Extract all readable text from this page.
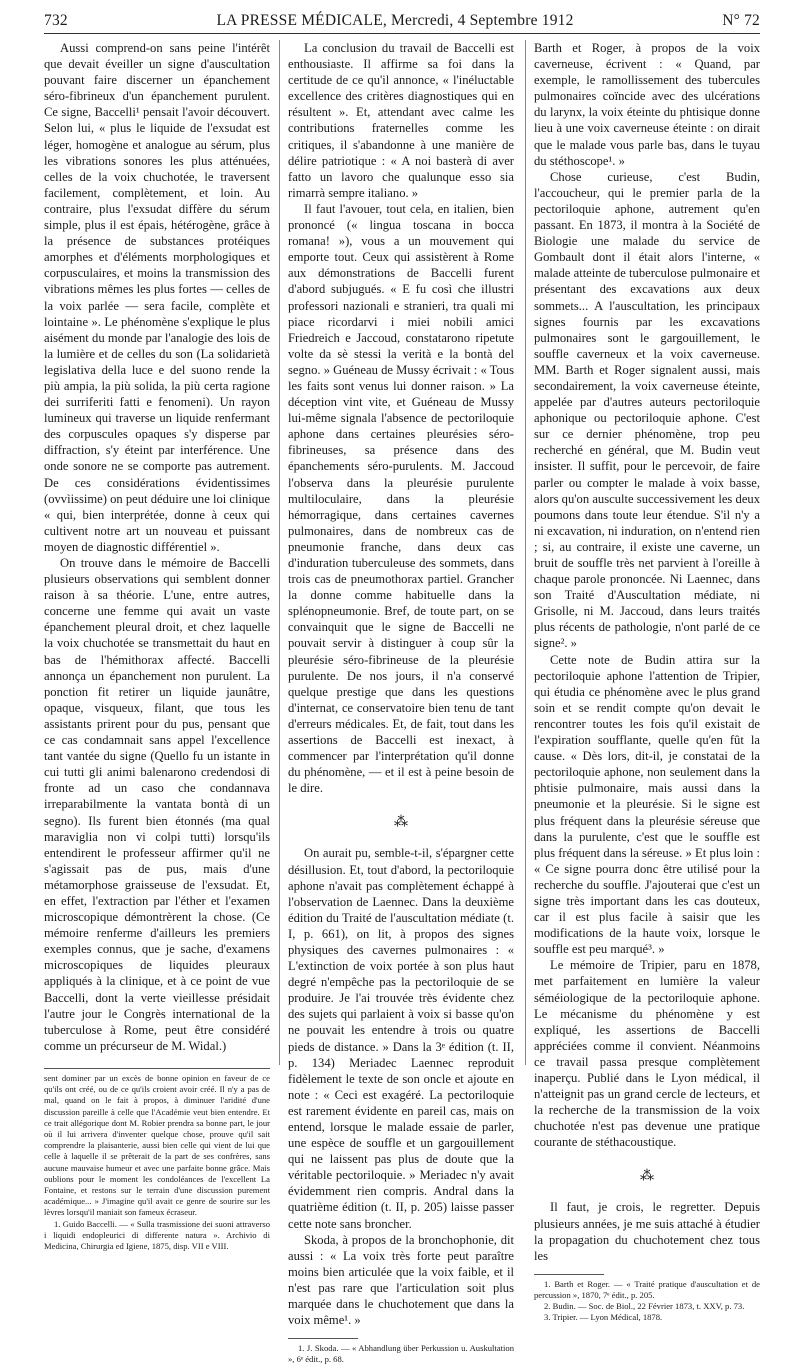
732	LA PRESSE MÉDICALE, Mercredi, 4 Septembre 1912	N° 72

Aussi comprend-on sans peine l'intérêt que devait éveiller un signe d'auscultation pouvant faire discerner un épanchement séro-fibrineux d'un épanchement purulent. Ce signe, Baccelli¹ pensait l'avoir découvert. Selon lui, « plus le liquide de l'exsudat est léger, homogène et analogue au sérum, plus les vibrations sonores les plus atténuées, celles de la voix chuchotée, le traversent facilement, complètement, et loin. Au contraire, plus l'exsudat diffère du sérum simple, plus il est épais, hétérogène, grâce à la présence de substances protéiques amorphes et d'éléments morphologiques et corpusculaires, et moins la transmission des vibrations mêmes les plus fortes — celles de la voix parlée — sera facile, complète et lointaine ». Le phénomène s'explique le plus aisément du monde par l'analogie des lois de la lumière et de celles du son (La solidarietà legislativa della luce e del suono rende la più ampia, la più solida, la più certa ragione dei surriferiti fatti e fenomeni). Un rayon lumineux qui traverse un liquide renfermant des corpuscules opaques s'y disperse par diffraction, s'y éteint par interférence. Une onde sonore ne se comporte pas autrement. De ces considérations évidentissimes (ovvìissime) on peut déduire une loi clinique « qui, bien interprétée, donne à ceux qui cultivent notre art un nouveau et puissant moyen de diagnostic différentiel ».

On trouve dans le mémoire de Baccelli plusieurs observations qui semblent donner raison à sa théorie. L'une, entre autres, concerne une femme qui avait un vaste épanchement pleural droit, et chez laquelle la voix chuchotée se transmettait du haut en bas de l'hémithorax affecté. Baccelli annonça un épanchement non purulent. La ponction fit retirer un liquide jaunâtre, opaque, visqueux, filant, que tous les assistants prirent pour du pus, pensant que ce cas condamnait sans appel l'excellence tant vantée du signe (Quello fu un istante in cui tutti gli animi balenarono credendosi di fronte ad un caso che condannava irreparabilmente la vantata bontà di un segno). Ils furent bien étonnés (ma qual maraviglia non vi colpi tutti) lorsqu'ils entendirent le professeur affirmer qu'il ne s'agissait pas de pus, mais d'une métamorphose graisseuse de l'exsudat. Et, en effet, l'extraction par l'éther et l'examen microscopique démontrèrent la chose. (Ce mémoire renferme d'ailleurs les premiers exemples connus, que je sache, d'examens microscopiques de liquides pleuraux appliqués à la clinique, et à ce point de vue Baccelli, dont la verte vieillesse présidait l'autre jour le Congrès international de la tuberculose à Rome, peut être considéré comme un précurseur de M. Widal.)

sent dominer par un excès de bonne opinion en faveur de ce qu'ils ont créé, ou de ce qu'ils croient avoir créé. Il n'y a pas de mal, quand on le fait à propos, à diminuer l'aridité d'une discussion pareille à celle que l'Académie veut bien entendre. Et ce trait allégorique dont M. Robier prendra sa bonne part, le jour où il lui arrivera d'inventer quelque chose, prouve qu'il sait comprendre la plaisanterie, aussi bien celle qui vient de lui que celle à laquelle il se prêterait de la part de ses confrères, sans aucune mauvaise humeur et avec une parfaite bonne grâce. Mais oublions pour le moment les condoléances de l'excellent La Fontaine, et restons sur le terrain d'une discussion purement académique... » J'imagine qu'il avait ce genre de sourire sur les lèvres lorsqu'il maniait son fameux écraseur.

1. Guido Baccelli. — « Sulla trasmissione dei suoni attraverso i liquidi endopleurici di differente natura ». Archivio di Medicina, Chirurgia ed Igiene, 1875, disp. VII e VIII.

La conclusion du travail de Baccelli est enthousiaste. Il affirme sa foi dans la certitude de ce qu'il annonce, « l'inéluctable excellence des critères diagnostiques qui en résultent ». Et, attendant avec calme les contributions fraternelles comme les critiques, il s'abandonne à une manière de délire patriotique : « A noi basterà di aver fatto un lavoro che qualunque esso sia rimarrà sempre italiano. »

Il faut l'avouer, tout cela, en italien, bien prononcé (« lingua toscana in bocca romana! »), vous a un mouvement qui emporte tout. Ceux qui assistèrent à Rome aux démonstrations de Baccelli furent d'abord subjugués. « E fu così che illustri professori nazionali e stranieri, tra quali mi piace ricordarvi i miei nobili amici Friedreich e Jaccoud, constatarono ripetute volte da sè stessi la verità e la bontà del segno. » Guéneau de Mussy écrivait : « Tous les faits sont venus lui donner raison. » La déception vint vite, et Guéneau de Mussy lui-même signala l'absence de pectoriloquie aphone dans certaines pleurésies séro-fibrineuses, sa présence dans des épanchements séro-purulents. M. Jaccoud l'observa dans la pleurésie purulente multiloculaire, dans la pleurésie hémorragique, dans certaines cavernes pulmonaires, dans de nombreux cas de pneumonie franche, dans deux cas d'induration tuberculeuse des sommets, dans trois cas de pneumothorax partiel. Grancher la donne comme habituelle dans la splénopneumonie. Bref, de toute part, on se convainquit que le signe de Baccelli ne pouvait servir à distinguer à coup sûr la pleurésie séro-fibrineuse de la pleurésie purulente. De nos jours, il n'a conservé quelque prestige que dans les questions d'internat, ce conservatoire bien tenu de tant d'erreurs médicales. Et, de fait, tout dans les assertions de Baccelli est inexact, à commencer par l'interprétation qu'il donne du phénomène, — et il est à peine besoin de le dire.

⁂

On aurait pu, semble-t-il, s'épargner cette désillusion. Et, tout d'abord, la pectoriloquie aphone n'avait pas complètement échappé à l'observation de Laennec. Dans la deuxième édition du Traité de l'auscultation médiate (t. I, p. 661), on lit, à propos des signes physiques des cavernes pulmonaires : « L'extinction de voix portée à son plus haut degré n'empêche pas la pectoriloquie de se produire. Je l'ai trouvée très évidente chez des sujets qui parlaient à voix si basse qu'on ne pouvait les entendre à trois ou quatre pieds de distance. » Dans la 3ᵉ édition (t. II, p. 134) Meriadec Laennec reproduit fidèlement le texte de son oncle et ajoute en note : « Ceci est exagéré. La pectoriloquie est rarement évidente en pareil cas, mais on entend, lorsque le malade essaie de parler, une espèce de souffle et un gargouillement qui ne laissent pas plus de doute que la véritable pectoriloquie. » Meriadec n'y avait évidemment rien compris. Andral dans la quatrième édition (t. II, p. 205) laisse passer cette note sans broncher.

Skoda, à propos de la bronchophonie, dit aussi : « La voix très forte peut paraître moins bien articulée que la voix faible, et il n'est pas rare que l'articulation soit plus marquée dans le chuchotement que dans la voix même¹. »

1. J. Skoda. — « Abhandlung über Perkussion u. Auskultation », 6ᵉ édit., p. 68.

Barth et Roger, à propos de la voix caverneuse, écrivent : « Quand, par exemple, le ramollissement des tubercules pulmonaires coïncide avec des ulcérations du larynx, la voix éteinte du phtisique donne lieu à une voix caverneuse éteinte : on dirait que le malade vous parle bas, dans le tuyau du stéthoscope¹. »

Chose curieuse, c'est Budin, l'accoucheur, qui le premier parla de la pectoriloquie aphone, autrement qu'en passant. En 1873, il montra à la Société de Biologie une malade du service de Gombault dont il était alors l'interne, « malade atteinte de tuberculose pulmonaire et présentant des excavations aux deux sommets... A l'auscultation, les principaux signes fournis par les excavations pulmonaires sont le gargouillement, le souffle caverneux et la voix caverneuse. MM. Barth et Roger signalent aussi, mais secondairement, la voix caverneuse éteinte, appelée par d'autres auteurs pectoriloquie aphonique ou pectoriloquie aphone. C'est sur ce dernier phénomène, trop peu recherché en général, que M. Budin veut insister. Il suffit, pour le percevoir, de faire parler ou compter le malade à voix basse, alors qu'on ausculte successivement les deux poumons dans toute leur étendue. S'il n'y a ni excavation, ni induration, on n'entend rien ; si, au contraire, il existe une caverne, un bruit de souffle très net parvient à l'oreille à chaque parole prononcée. Ni Laennec, dans son Traité d'Auscultation médiate, ni Grisolle, ni M. Jaccoud, dans leurs traités plus récents de pathologie, n'ont parlé de ce signe². »

Cette note de Budin attira sur la pectoriloquie aphone l'attention de Tripier, qui étudia ce phénomène avec le plus grand soin et se rendit compte qu'on devait le rencontrer toutes les fois qu'il existait de l'expiration soufflante, quelle qu'en fût la cause. « Dès lors, dit-il, je constatai de la pectoriloquie aphone, non seulement dans la phtisie pulmonaire, mais aussi dans la pneumonie et la pleurésie. Si le signe est plus fréquent dans la pleurésie séreuse que dans la purulente, c'est que le souffle est plus fréquent dans la séreuse. » Et plus loin : « Ce signe pourra donc être utilisé pour la recherche du souffle. J'ajouterai que c'est un signe très important dans les cas douteux, car il est plus facile à saisir que les modifications de la haute voix, lorsque le souffle est peu marqué³. »

Le mémoire de Tripier, paru en 1878, met parfaitement en lumière la valeur séméiologique de la pectoriloquie aphone. Le mécanisme du phénomène y est expliqué, les assertions de Baccelli appréciées comme il convient. Néanmoins ce travail passa presque complètement inaperçu. Publié dans le Lyon médical, il n'atteignit pas un grand cercle de lecteurs, et la recherche de la transmission de la voix chuchotée n'est pas devenue une pratique courante de stéthacoustique.

⁂

Il faut, je crois, le regretter. Depuis plusieurs années, je me suis attaché à étudier la propagation du chuchotement chez tous les

1. Barth et Roger. — « Traité pratique d'auscultation et de percussion », 1870, 7ᵉ édit., p. 205.

2. Budin. — Soc. de Biol., 22 Février 1873, t. XXV, p. 73.

3. Tripier. — Lyon Médical, 1878.
